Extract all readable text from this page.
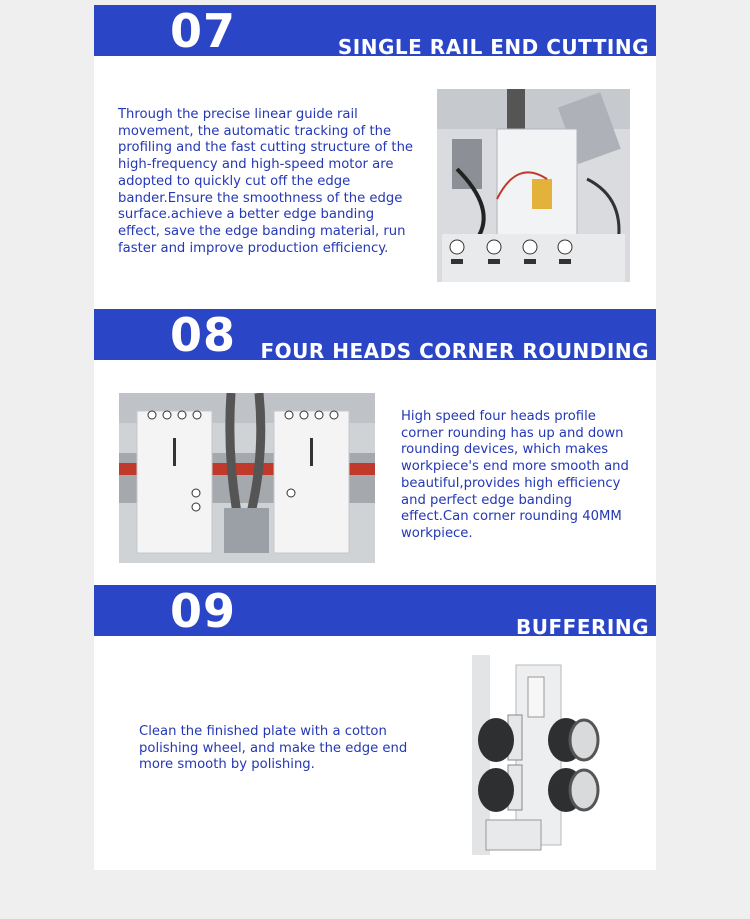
07	SINGLE RAIL END CUTTING
Through the precise linear guide rail movement, the automatic tracking of the profiling and the fast cutting structure of the high-frequency and high-speed motor are adopted to quickly cut off the edge bander.Ensure the smoothness of the edge surface.achieve a better edge banding effect, save the edge banding material, run faster and improve production efficiency.
08 FOUR HEADS CORNER ROUNDING
High speed four heads profile corner rounding has up and down rounding devices, which makes workpiece's end more smooth and beautiful,provides high efficiency and perfect edge banding effect.Can corner rounding 40MM workpiece.
09	BUFFERING
Clean the finished plate with a cotton polishing wheel, and make the edge end more smooth by polishing.
